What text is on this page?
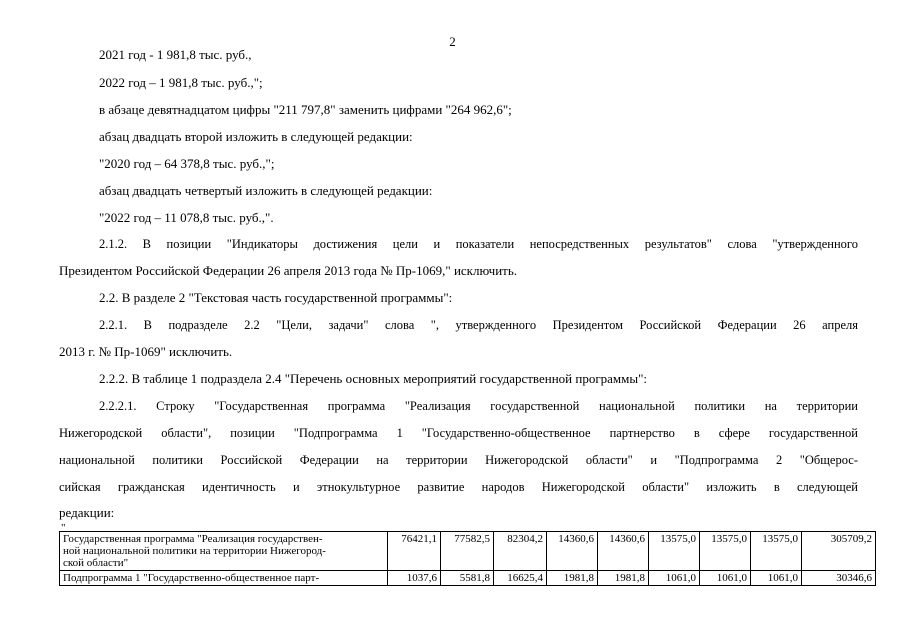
2
2021 год - 1 981,8 тыс. руб.,
2022 год – 1 981,8 тыс. руб.,";
в абзаце девятнадцатом цифры "211 797,8" заменить цифрами "264 962,6";
абзац двадцать второй изложить в следующей редакции:
"2020 год – 64 378,8 тыс. руб.,";
абзац двадцать четвертый изложить в следующей редакции:
"2022 год – 11 078,8 тыс. руб.,".
2.1.2. В позиции "Индикаторы достижения цели и показатели непосредственных результатов" слова "утвержденного
Президентом Российской Федерации 26 апреля 2013 года № Пр-1069," исключить.
2.2. В разделе 2 "Текстовая часть государственной программы":
2.2.1. В подразделе 2.2 "Цели, задачи" слова ", утвержденного Президентом Российской Федерации 26 апреля
2013 г. № Пр-1069" исключить.
2.2.2. В таблице 1 подраздела 2.4 "Перечень основных мероприятий государственной программы":
2.2.2.1. Строку "Государственная программа "Реализация государственной национальной политики на территории
Нижегородской области", позиции "Подпрограмма 1 "Государственно-общественное партнерство в сфере государственной
национальной политики Российской Федерации на территории Нижегородской области" и "Подпрограмма 2 "Общерос-
сийская гражданская идентичность и этнокультурное развитие народов Нижегородской области" изложить в следующей
редакции:
"
Государственная программа "Реализация государствен-
ной национальной политики на территории Нижегород-
ской области"	76421,1	77582,5	82304,2	14360,6	14360,6	13575,0	13575,0	13575,0	305709,2

Подпрограмма 1 "Государственно-общественное парт-	1037,6	5581,8	16625,4	1981,8	1981,8	1061,0	1061,0	1061,0	30346,6
